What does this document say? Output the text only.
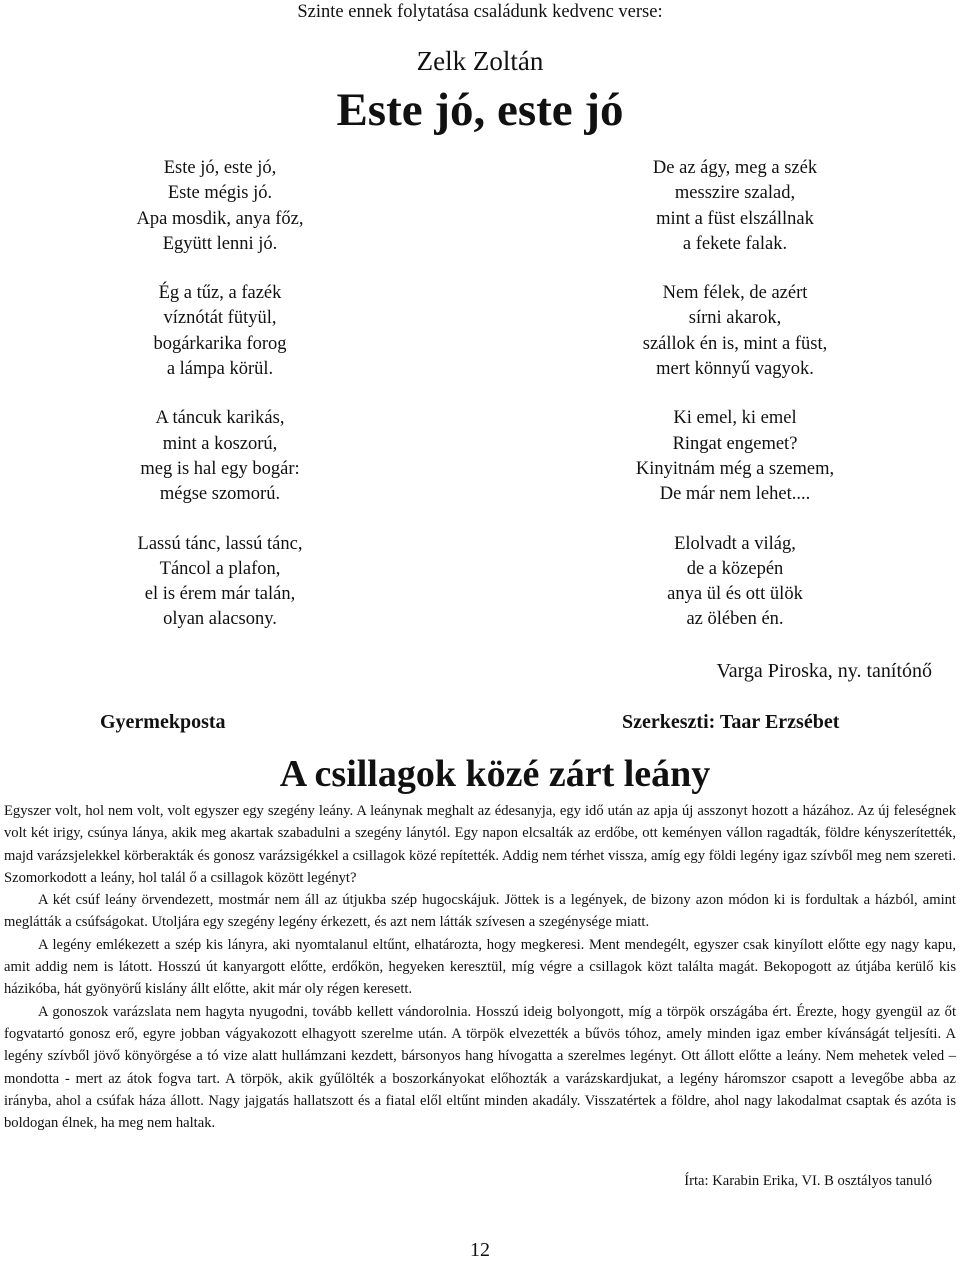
Szinte ennek folytatása családunk kedvenc verse:
Zelk Zoltán
Este jó, este jó
Este jó, este jó,
Este mégis jó.
Apa mosdik, anya főz,
Együtt lenni jó.
Ég a tűz, a fazék
víznótát fütyül,
bogárkarika forog
a lámpa körül.
A táncuk karikás,
mint a koszorú,
meg is hal egy bogár:
mégse szomorú.
Lassú tánc, lassú tánc,
Táncol a plafon,
el is érem már talán,
olyan alacsony.
De az ágy, meg a szék
messzire szalad,
mint a füst elszállnak
a fekete falak.
Nem félek, de azért
sírni akarok,
szállok én is, mint a füst,
mert könnyű vagyok.
Ki emel, ki emel
Ringat engemet?
Kinyitnám még a szemem,
De már nem lehet....
Elolvadt a világ,
de a közepén
anya ül és ott ülök
az ölében én.
Varga Piroska, ny. tanítónő
Gyermekposta	Szerkeszti: Taar Erzsébet
A csillagok közé zárt leány

Egyszer volt, hol nem volt, volt egyszer egy szegény leány. A leánynak meghalt az édesanyja, egy idő után az apja új asszonyt hozott a házához. Az új feleségnek volt két irigy, csúnya lánya, akik meg akartak szabadulni a szegény lánytól. Egy napon elcsalták az erdőbe, ott keményen vállon ragadták, földre kényszerítették, majd varázsjelekkel körberakták és gonosz varázsigékkel a csillagok közé repítették. Addig nem térhet vissza, amíg egy földi legény igaz szívből meg nem szereti. Szomorkodott a leány, hol talál ő a csillagok között legényt?

A két csúf leány örvendezett, mostmár nem áll az útjukba szép hugocskájuk. Jöttek is a legények, de bizony azon módon ki is fordultak a házból, amint meglátták a csúfságokat. Utoljára egy szegény legény érkezett, és azt nem látták szívesen a szegénysége miatt.

A legény emlékezett a szép kis lányra, aki nyomtalanul eltűnt, elhatározta, hogy megkeresi. Ment mendegélt, egyszer csak kinyílott előtte egy nagy kapu, amit addig nem is látott. Hosszú út kanyargott előtte, erdőkön, hegyeken keresztül, míg végre a csillagok közt találta magát. Bekopogott az útjába kerülő kis házikóba, hát gyönyörű kislány állt előtte, akit már oly régen keresett.

A gonoszok varázslata nem hagyta nyugodni, tovább kellett vándorolnia. Hosszú ideig bolyongott, míg a törpök országába ért. Érezte, hogy gyengül az őt fogvatartó gonosz erő, egyre jobban vágyakozott elhagyott szerelme után. A törpök elvezették a bűvös tóhoz, amely minden igaz ember kívánságát teljesíti. A legény szívből jövő könyörgése a tó vize alatt hullámzani kezdett, bársonyos hang hívogatta a szerelmes legényt. Ott állott előtte a leány. Nem mehetek veled – mondotta - mert az átok fogva tart. A törpök, akik gyűlölték a boszorkányokat előhozták a varázskardjukat, a legény háromszor csapott a levegőbe abba az irányba, ahol a csúfak háza állott. Nagy jajgatás hallatszott és a fiatal elől eltűnt minden akadály. Visszatértek a földre, ahol nagy lakodalmat csaptak és azóta is boldogan élnek, ha meg nem haltak.

Írta: Karabin Erika, VI. B osztályos tanuló
12
